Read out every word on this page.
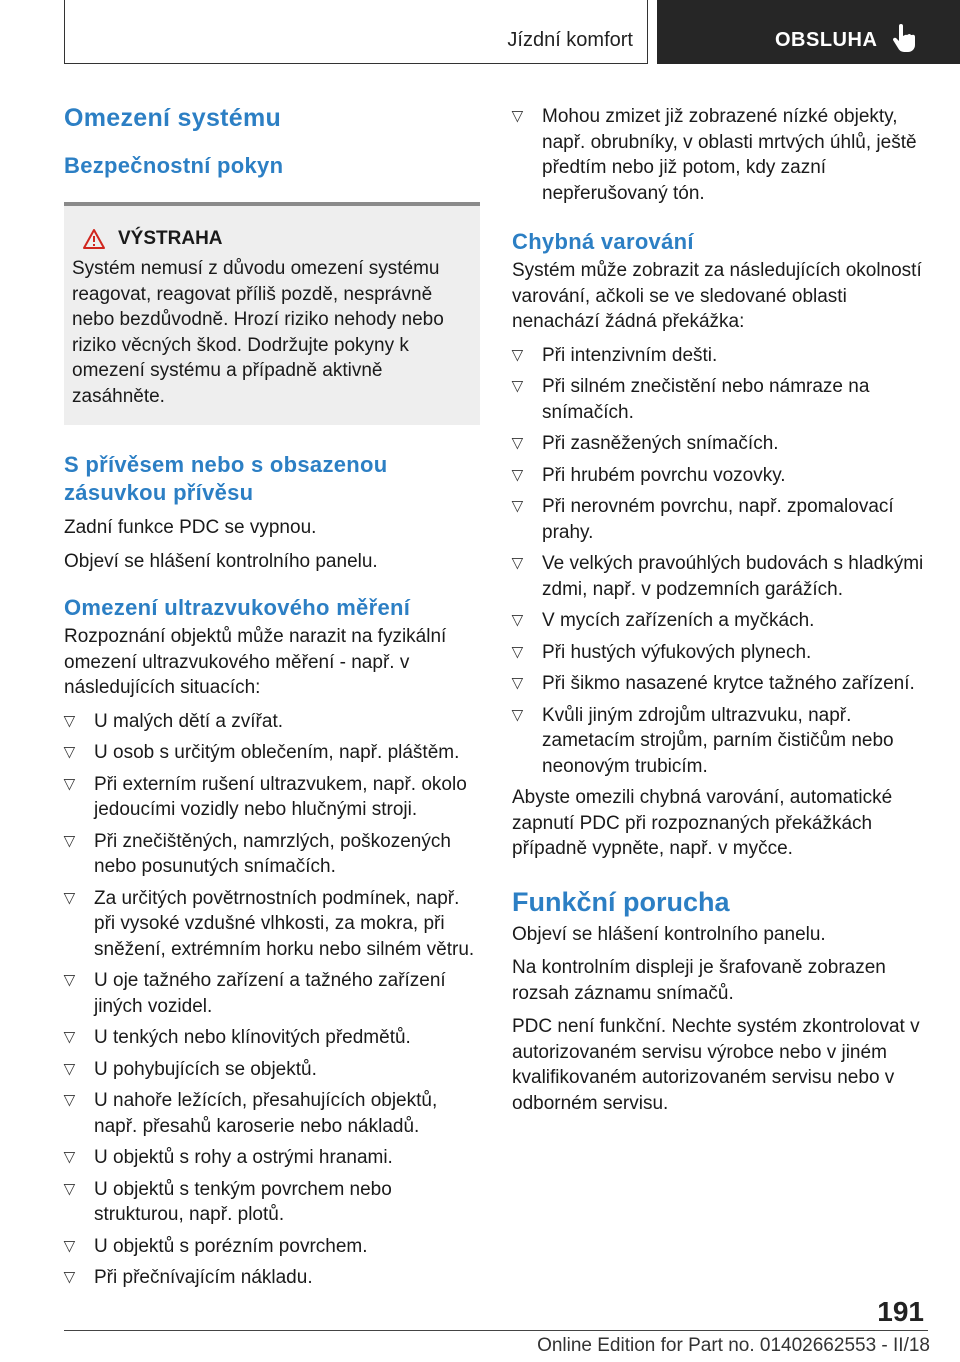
Jízdní komfort	OBSLUHA
Omezení systému
Bezpečnostní pokyn
VÝSTRAHA

Systém nemusí z důvodu omezení systému reagovat, reagovat příliš pozdě, nesprávně nebo bezdůvodně. Hrozí riziko nehody nebo riziko věcných škod. Dodržujte pokyny k omezení systému a případně aktivně zasáhněte.

S přívěsem nebo s obsazenou zásuvkou přívěsu

Zadní funkce PDC se vypnou.

Objeví se hlášení kontrolního panelu.

Omezení ultrazvukového měření

Rozpoznání objektů může narazit na fyzikální omezení ultrazvukového měření - např. v následujících situacích:

▷ U malých dětí a zvířat.
▷ U osob s určitým oblečením, např. pláštěm.
▷ Při externím rušení ultrazvukem, např. okolo jedoucími vozidly nebo hlučnými stroji.
▷ Při znečištěných, namrzlých, poškozených nebo posunutých snímačích.
▷ Za určitých povětrnostních podmínek, např. při vysoké vzdušné vlhkosti, za mokra, při sněžení, extrémním horku nebo silném větru.
▷ U oje tažného zařízení a tažného zařízení jiných vozidel.
▷ U tenkých nebo klínovitých předmětů.
▷ U pohybujících se objektů.
▷ U nahoře ležících, přesahujících objektů, např. přesahů karoserie nebo nákladů.
▷ U objektů s rohy a ostrými hranami.
▷ U objektů s tenkým povrchem nebo strukturou, např. plotů.
▷ U objektů s porézním povrchem.
▷ Při přečnívajícím nákladu.
▷ Mohou zmizet již zobrazené nízké objekty, např. obrubníky, v oblasti mrtvých úhlů, ještě předtím nebo již potom, kdy zazní nepřerušovaný tón.
Chybná varování

Systém může zobrazit za následujících okolností varování, ačkoli se ve sledované oblasti nenachází žádná překážka:

▷ Při intenzivním dešti.
▷ Při silném znečistění nebo námraze na snímačích.
▷ Při zasněžených snímačích.
▷ Při hrubém povrchu vozovky.
▷ Při nerovném povrchu, např. zpomalovací prahy.
▷ Ve velkých pravoúhlých budovách s hladkými zdmi, např. v podzemních garážích.
▷ V mycích zařízeních a myčkách.
▷ Při hustých výfukových plynech.
▷ Při šikmo nasazené krytce tažného zařízení.
▷ Kvůli jiným zdrojům ultrazvuku, např. zametacím strojům, parním čističům nebo neonovým trubicím.

Abyste omezili chybná varování, automatické zapnutí PDC při rozpoznaných překážkách případně vypněte, např. v myčce.

Funkční porucha

Objeví se hlášení kontrolního panelu.

Na kontrolním displeji je šrafovaně zobrazen rozsah záznamu snímačů.

PDC není funkční. Nechte systém zkontrolovat v autorizovaném servisu výrobce nebo v jiném kvalifikovaném autorizovaném servisu nebo v odborném servisu.

191
Online Edition for Part no. 01402662553 - II/18
